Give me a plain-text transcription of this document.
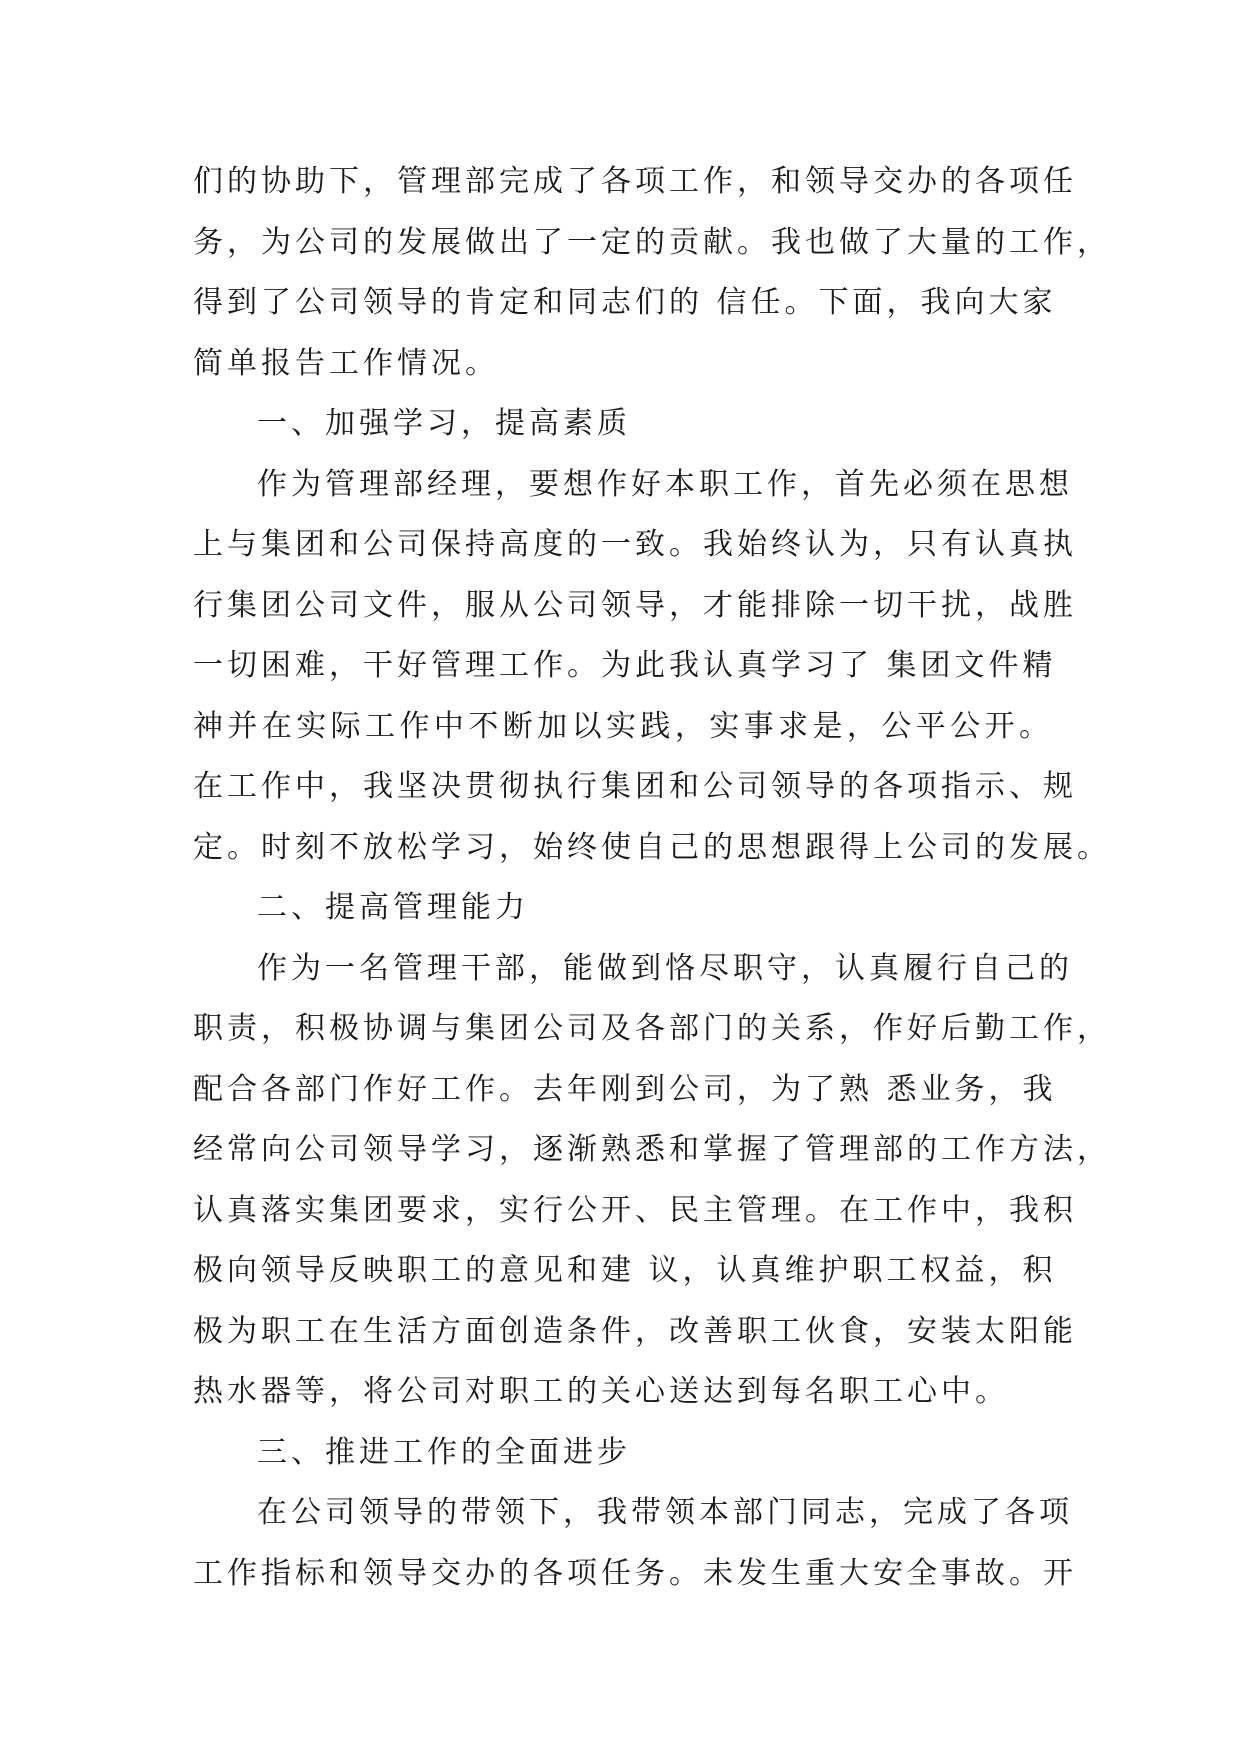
们的协助下，管理部完成了各项工作，和领导交办的各项任
务，为公司的发展做出了一定的贡献。我也做了大量的工作，
得到了公司领导的肯定和同志们的 信任。下面，我向大家
简单报告工作情况。
一、加强学习，提高素质
作为管理部经理，要想作好本职工作，首先必须在思想
上与集团和公司保持高度的一致。我始终认为，只有认真执
行集团公司文件，服从公司领导，才能排除一切干扰，战胜
一切困难，干好管理工作。为此我认真学习了 集团文件精
神并在实际工作中不断加以实践，实事求是，公平公开。
在工作中，我坚决贯彻执行集团和公司领导的各项指示、规
定。时刻不放松学习，始终使自己的思想跟得上公司的发展。
二、提高管理能力
作为一名管理干部，能做到恪尽职守，认真履行自己的
职责，积极协调与集团公司及各部门的关系，作好后勤工作，
配合各部门作好工作。去年刚到公司，为了熟 悉业务，我
经常向公司领导学习，逐渐熟悉和掌握了管理部的工作方法，
认真落实集团要求，实行公开、民主管理。在工作中，我积
极向领导反映职工的意见和建 议，认真维护职工权益，积
极为职工在生活方面创造条件，改善职工伙食，安装太阳能
热水器等，将公司对职工的关心送达到每名职工心中。
三、推进工作的全面进步
在公司领导的带领下，我带领本部门同志，完成了各项
工作指标和领导交办的各项任务。未发生重大安全事故。开
